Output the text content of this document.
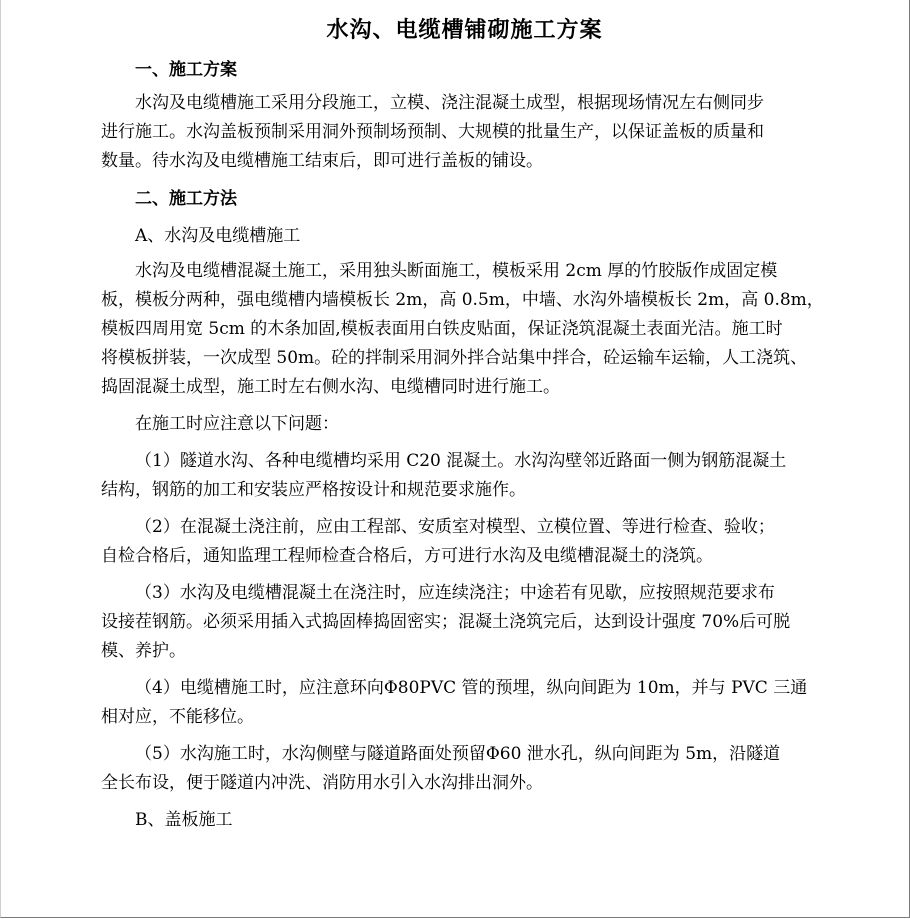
水沟、电缆槽铺砌施工方案

一、施工方案

水沟及电缆槽施工采用分段施工，立模、浇注混凝土成型，根据现场情况左右侧同步
进行施工。水沟盖板预制采用洞外预制场预制、大规模的批量生产，以保证盖板的质量和
数量。待水沟及电缆槽施工结束后，即可进行盖板的铺设。

二、施工方法

A、水沟及电缆槽施工

水沟及电缆槽混凝土施工，采用独头断面施工，模板采用 2cm 厚的竹胶版作成固定模
板，模板分两种，强电缆槽内墙模板长 2m，高 0.5m，中墙、水沟外墙模板长 2m，高 0.8m，
模板四周用宽 5cm 的木条加固,模板表面用白铁皮贴面，保证浇筑混凝土表面光洁。施工时
将模板拼装，一次成型 50m。砼的拌制采用洞外拌合站集中拌合，砼运输车运输，人工浇筑、
捣固混凝土成型，施工时左右侧水沟、电缆槽同时进行施工。
在施工时应注意以下问题：
（1）隧道水沟、各种电缆槽均采用 C20 混凝土。水沟沟壁邻近路面一侧为钢筋混凝土
结构，钢筋的加工和安装应严格按设计和规范要求施作。
（2）在混凝土浇注前，应由工程部、安质室对模型、立模位置、等进行检查、验收；
自检合格后，通知监理工程师检查合格后，方可进行水沟及电缆槽混凝土的浇筑。
（3）水沟及电缆槽混凝土在浇注时，应连续浇注；中途若有见歇，应按照规范要求布
设接茬钢筋。必须采用插入式捣固棒捣固密实；混凝土浇筑完后，达到设计强度 70%后可脱
模、养护。
（4）电缆槽施工时，应注意环向Φ80PVC 管的预埋，纵向间距为 10m，并与 PVC 三通
相对应，不能移位。
（5）水沟施工时，水沟侧壁与隧道路面处预留Φ60 泄水孔，纵向间距为 5m，沿隧道
全长布设，便于隧道内冲洗、消防用水引入水沟排出洞外。

B、盖板施工
